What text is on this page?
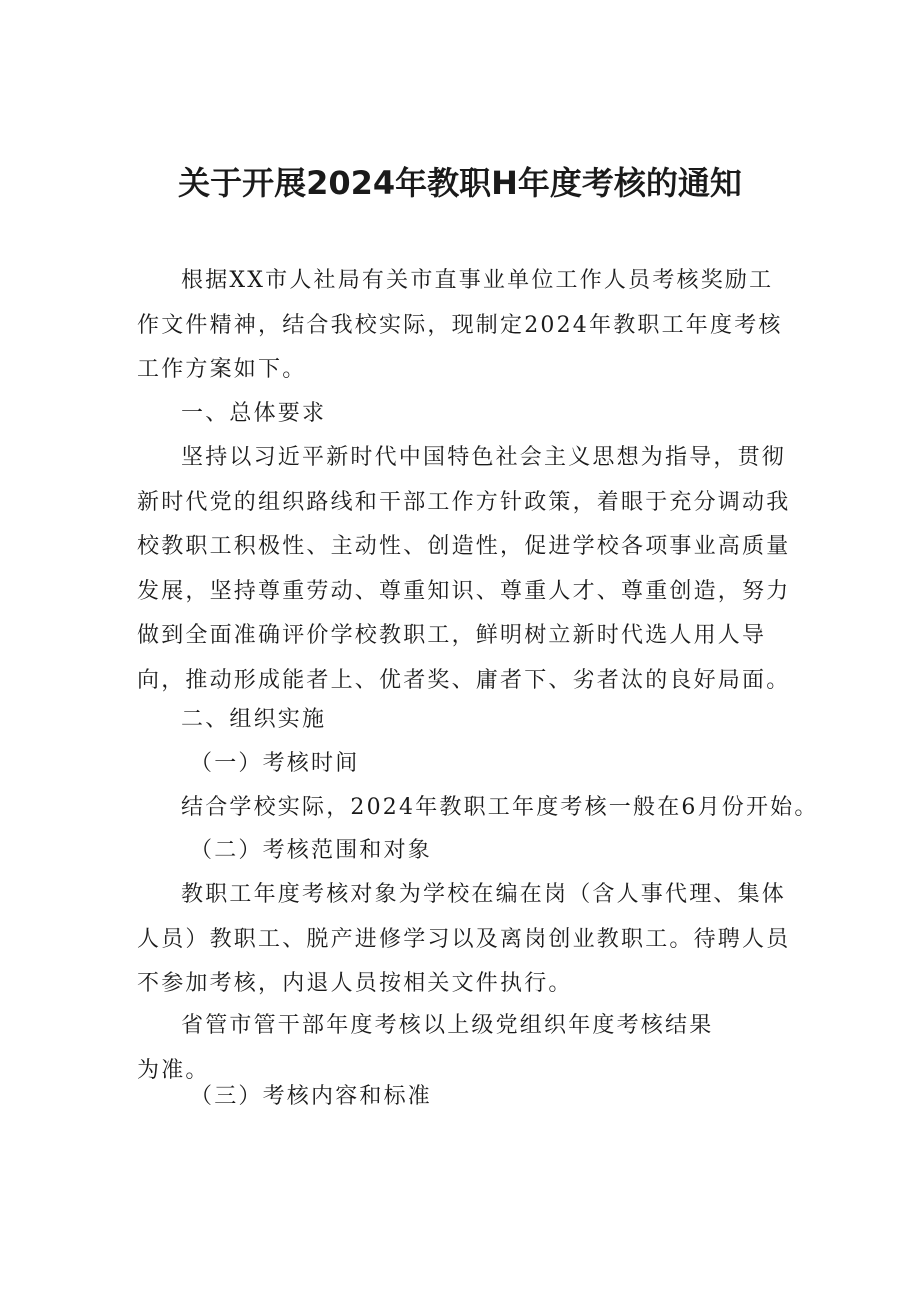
关于开展2024年教职H年度考核的通知

根据XX市人社局有关市直事业单位工作人员考核奖励工作文件精神，结合我校实际，现制定2024年教职工年度考核工作方案如下。

一、总体要求

坚持以习近平新时代中国特色社会主义思想为指导，贯彻新时代党的组织路线和干部工作方针政策，着眼于充分调动我校教职工积极性、主动性、创造性，促进学校各项事业高质量发展，坚持尊重劳动、尊重知识、尊重人才、尊重创造，努力做到全面准确评价学校教职工，鲜明树立新时代选人用人导向，推动形成能者上、优者奖、庸者下、劣者汰的良好局面。

二、组织实施

（一）考核时间

结合学校实际，2024年教职工年度考核一般在6月份开始。

（二）考核范围和对象

教职工年度考核对象为学校在编在岗（含人事代理、集体人员）教职工、脱产进修学习以及离岗创业教职工。待聘人员不参加考核，内退人员按相关文件执行。

省管市管干部年度考核以上级党组织年度考核结果为准。

（三）考核内容和标准
